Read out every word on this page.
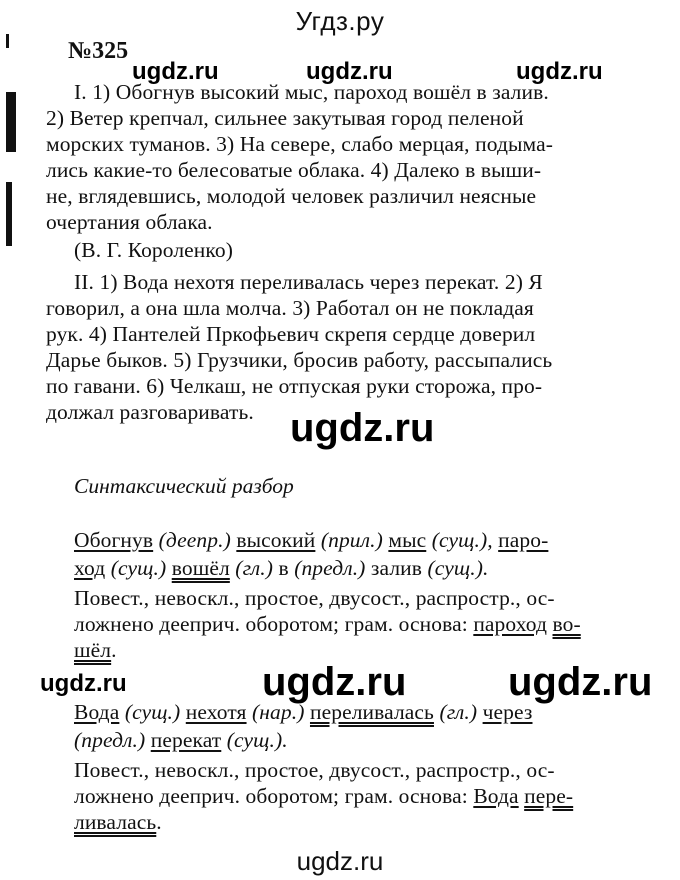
Угдз.ру
№325
ugdz.ru	ugdz.ru	ugdz.ru
I. 1) Обогнув высокий мыс, пароход вошёл в залив.
2) Ветер крепчал, сильнее закутывая город пеленой
морских туманов. 3) На севере, слабо мерцая, подыма-
лись какие-то белесоватые облака. 4) Далеко в выши-
не, вглядевшись, молодой человек различил неясные
очертания облака.
(В. Г. Короленко)
II. 1) Вода нехотя переливалась через перекат. 2) Я
говорил, а она шла молча. 3) Работал он не покладая
рук. 4) Пантелей Пркофьевич скрепя сердце доверил
Дарье быков. 5) Грузчики, бросив работу, рассыпались
по гавани. 6) Челкаш, не отпуская руки сторожа, про-
должал разговаривать. ugdz.ru
Синтаксический разбор
Обогнув (деепр.) высокий (прил.) мыс (сущ.), паро-
ход (сущ.) вошёл (гл.) в (предл.) залив (сущ.).
Повест., невоскл., простое, двусост., распростр., ос-
ложнено дееприч. оборотом; грам. основа: пароход во-
шёл.
ugdz.ru	ugdz.ru	ugdz.ru
Вода (сущ.) нехотя (нар.) переливалась (гл.) через
(предл.) перекат (сущ.).
Повест., невоскл., простое, двусост., распростр., ос-
ложнено дееприч. оборотом; грам. основа: Вода пере-
ливалась.
ugdz.ru
